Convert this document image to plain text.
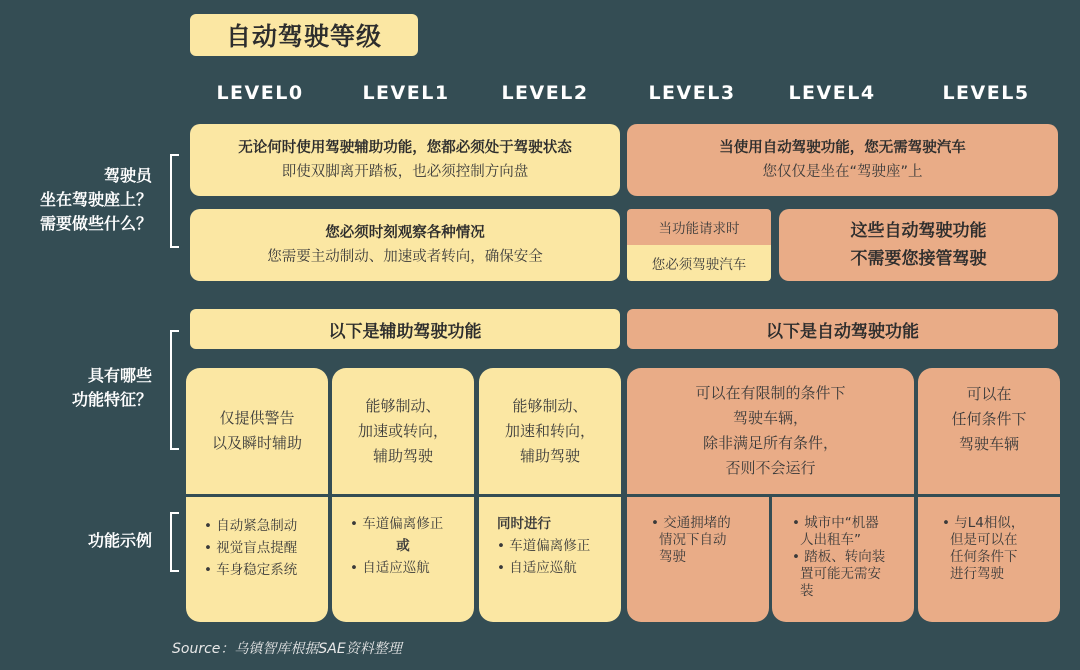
自动驾驶等级
LEVEL0	LEVEL1	LEVEL2	LEVEL3	LEVEL4	LEVEL5
驾驶员
坐在驾驶座上？
需要做些什么？
具有哪些
功能特征？
功能示例
无论何时使用驾驶辅助功能，您都必须处于驾驶状态
即使双脚离开踏板，也必须控制方向盘
当使用自动驾驶功能，您无需驾驶汽车
您仅仅是坐在“驾驶座”上
您必须时刻观察各种情况
您需要主动制动、加速或者转向，确保安全
当功能请求时
您必须驾驶汽车
这些自动驾驶功能
不需要您接管驾驶
以下是辅助驾驶功能	以下是自动驾驶功能
仅提供警告
以及瞬时辅助
• 自动紧急制动
• 视觉盲点提醒
• 车身稳定系统
能够制动、
加速或转向，
辅助驾驶
• 车道偏离修正
或
• 自适应巡航
能够制动、
加速和转向，
辅助驾驶
同时进行
• 车道偏离修正
• 自适应巡航
可以在有限制的条件下
驾驶车辆，
除非满足所有条件，
否则不会运行
• 交通拥堵的
情况下自动
驾驶
• 城市中“机器
人出租车”
• 踏板、转向装
置可能无需安
装
可以在
任何条件下
驾驶车辆
• 与L4相似，
但是可以在
任何条件下
进行驾驶
Source：乌镇智库根据SAE资料整理
